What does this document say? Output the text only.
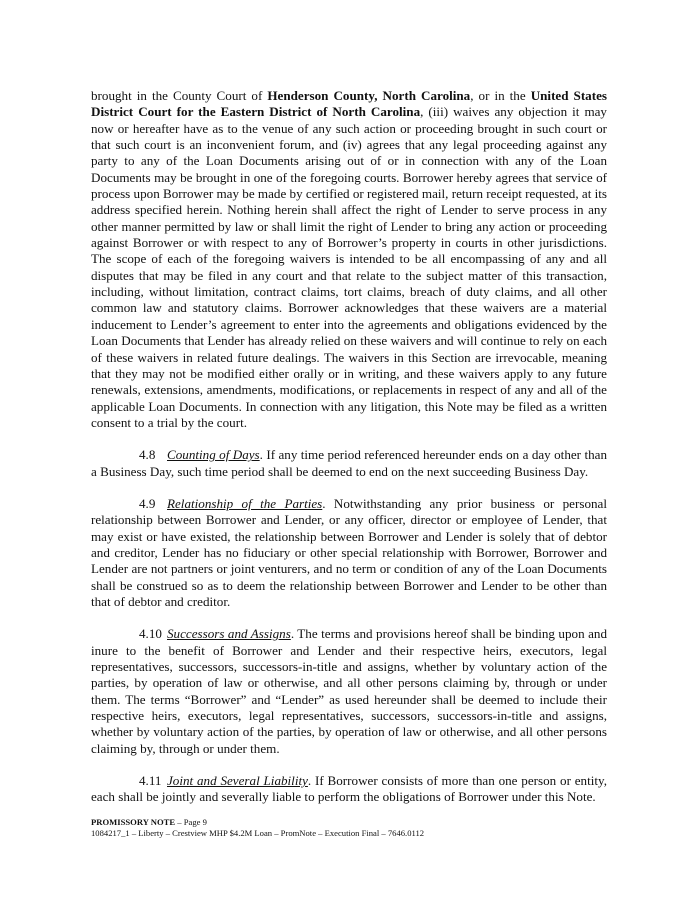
brought in the County Court of Henderson County, North Carolina, or in the United States District Court for the Eastern District of North Carolina, (iii) waives any objection it may now or hereafter have as to the venue of any such action or proceeding brought in such court or that such court is an inconvenient forum, and (iv) agrees that any legal proceeding against any party to any of the Loan Documents arising out of or in connection with any of the Loan Documents may be brought in one of the foregoing courts. Borrower hereby agrees that service of process upon Borrower may be made by certified or registered mail, return receipt requested, at its address specified herein. Nothing herein shall affect the right of Lender to serve process in any other manner permitted by law or shall limit the right of Lender to bring any action or proceeding against Borrower or with respect to any of Borrower’s property in courts in other jurisdictions. The scope of each of the foregoing waivers is intended to be all encompassing of any and all disputes that may be filed in any court and that relate to the subject matter of this transaction, including, without limitation, contract claims, tort claims, breach of duty claims, and all other common law and statutory claims. Borrower acknowledges that these waivers are a material inducement to Lender’s agreement to enter into the agreements and obligations evidenced by the Loan Documents that Lender has already relied on these waivers and will continue to rely on each of these waivers in related future dealings. The waivers in this Section are irrevocable, meaning that they may not be modified either orally or in writing, and these waivers apply to any future renewals, extensions, amendments, modifications, or replacements in respect of any and all of the applicable Loan Documents. In connection with any litigation, this Note may be filed as a written consent to a trial by the court.

4.8 Counting of Days. If any time period referenced hereunder ends on a day other than a Business Day, such time period shall be deemed to end on the next succeeding Business Day.

4.9 Relationship of the Parties. Notwithstanding any prior business or personal relationship between Borrower and Lender, or any officer, director or employee of Lender, that may exist or have existed, the relationship between Borrower and Lender is solely that of debtor and creditor, Lender has no fiduciary or other special relationship with Borrower, Borrower and Lender are not partners or joint venturers, and no term or condition of any of the Loan Documents shall be construed so as to deem the relationship between Borrower and Lender to be other than that of debtor and creditor.

4.10 Successors and Assigns. The terms and provisions hereof shall be binding upon and inure to the benefit of Borrower and Lender and their respective heirs, executors, legal representatives, successors, successors-in-title and assigns, whether by voluntary action of the parties, by operation of law or otherwise, and all other persons claiming by, through or under them. The terms “Borrower” and “Lender” as used hereunder shall be deemed to include their respective heirs, executors, legal representatives, successors, successors-in-title and assigns, whether by voluntary action of the parties, by operation of law or otherwise, and all other persons claiming by, through or under them.

4.11 Joint and Several Liability. If Borrower consists of more than one person or entity, each shall be jointly and severally liable to perform the obligations of Borrower under this Note.

PROMISSORY NOTE – Page 9
1084217_1 – Liberty – Crestview MHP $4.2M Loan – PromNote – Execution Final – 7646.0112
